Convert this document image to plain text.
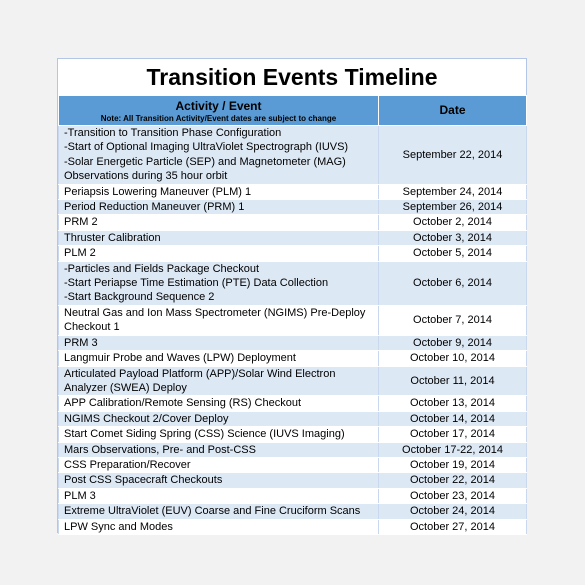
Transition Events Timeline
Activity / Event
Note: All Transition Activity/Event dates are subject to change	Date

-Transition to Transition Phase Configuration
-Start of Optional Imaging UltraViolet Spectrograph (IUVS)
-Solar Energetic Particle (SEP) and Magnetometer (MAG)
Observations during 35 hour orbit	September 22, 2014

Periapsis Lowering Maneuver (PLM) 1	September 24, 2014

Period Reduction Maneuver (PRM) 1	September 26, 2014

PRM 2	October 2, 2014

Thruster Calibration	October 3, 2014

PLM 2	October 5, 2014

-Particles and Fields Package Checkout
-Start Periapse Time Estimation (PTE) Data Collection
-Start Background Sequence 2	October 6, 2014

Neutral Gas and Ion Mass Spectrometer (NGIMS) Pre-Deploy
Checkout 1	October 7, 2014

PRM 3	October 9, 2014

Langmuir Probe and Waves (LPW) Deployment	October 10, 2014

Articulated Payload Platform (APP)/Solar Wind Electron
Analyzer (SWEA) Deploy	October 11, 2014

APP Calibration/Remote Sensing (RS) Checkout	October 13, 2014

NGIMS Checkout 2/Cover Deploy	October 14, 2014

Start Comet Siding Spring (CSS) Science (IUVS Imaging)	October 17, 2014

Mars Observations, Pre- and Post-CSS	October 17-22, 2014

CSS Preparation/Recover	October 19, 2014

Post CSS Spacecraft Checkouts	October 22, 2014

PLM 3	October 23, 2014

Extreme UltraViolet (EUV) Coarse and Fine Cruciform Scans	October 24, 2014

LPW Sync and Modes	October 27, 2014
